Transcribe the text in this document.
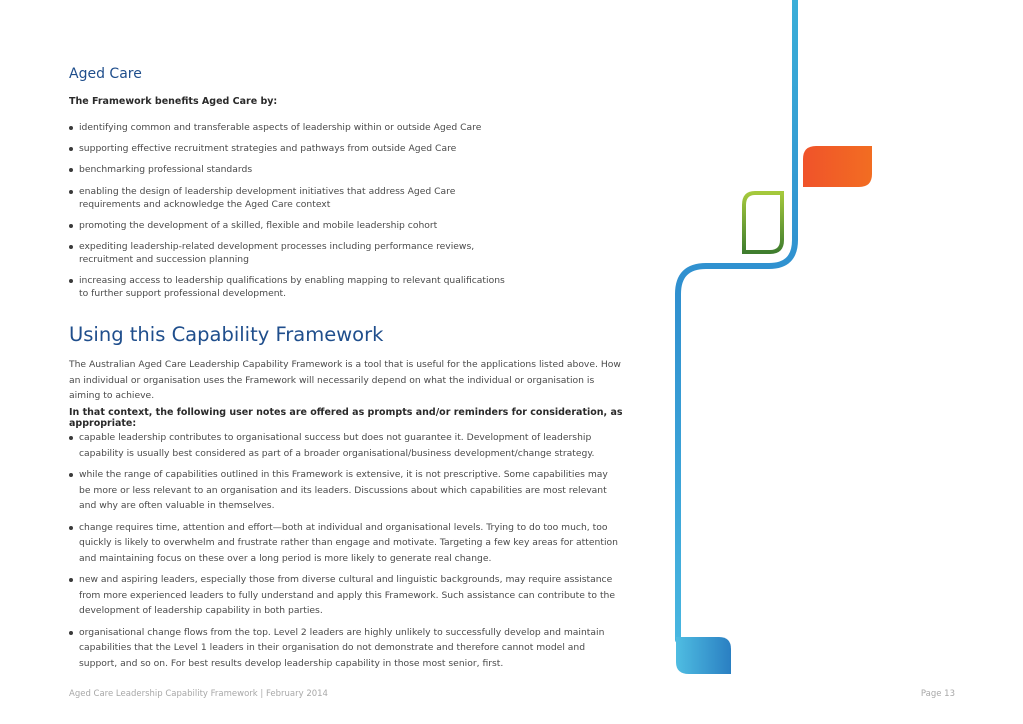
Aged Care

The Framework benefits Aged Care by:

identifying common and transferable aspects of leadership within or outside Aged Care
supporting effective recruitment strategies and pathways from outside Aged Care
benchmarking professional standards
enabling the design of leadership development initiatives that address Aged Care requirements and acknowledge the Aged Care context
promoting the development of a skilled, flexible and mobile leadership cohort
expediting leadership-related development processes including performance reviews, recruitment and succession planning
increasing access to leadership qualifications by enabling mapping to relevant qualifications to further support professional development.
Using this Capability Framework

The Australian Aged Care Leadership Capability Framework is a tool that is useful for the applications listed above. How an individual or organisation uses the Framework will necessarily depend on what the individual or organisation is aiming to achieve.

In that context, the following user notes are offered as prompts and/or reminders for consideration, as appropriate:

capable leadership contributes to organisational success but does not guarantee it. Development of leadership capability is usually best considered as part of a broader organisational/business development/change strategy.
while the range of capabilities outlined in this Framework is extensive, it is not prescriptive. Some capabilities may be more or less relevant to an organisation and its leaders. Discussions about which capabilities are most relevant and why are often valuable in themselves.
change requires time, attention and effort—both at individual and organisational levels. Trying to do too much, too quickly is likely to overwhelm and frustrate rather than engage and motivate. Targeting a few key areas for attention and maintaining focus on these over a long period is more likely to generate real change.
new and aspiring leaders, especially those from diverse cultural and linguistic backgrounds, may require assistance from more experienced leaders to fully understand and apply this Framework. Such assistance can contribute to the development of leadership capability in both parties.
organisational change flows from the top. Level 2 leaders are highly unlikely to successfully develop and maintain capabilities that the Level 1 leaders in their organisation do not demonstrate and therefore cannot model and support, and so on. For best results develop leadership capability in those most senior, first.
Aged Care Leadership Capability Framework | February 2014	Page 13
